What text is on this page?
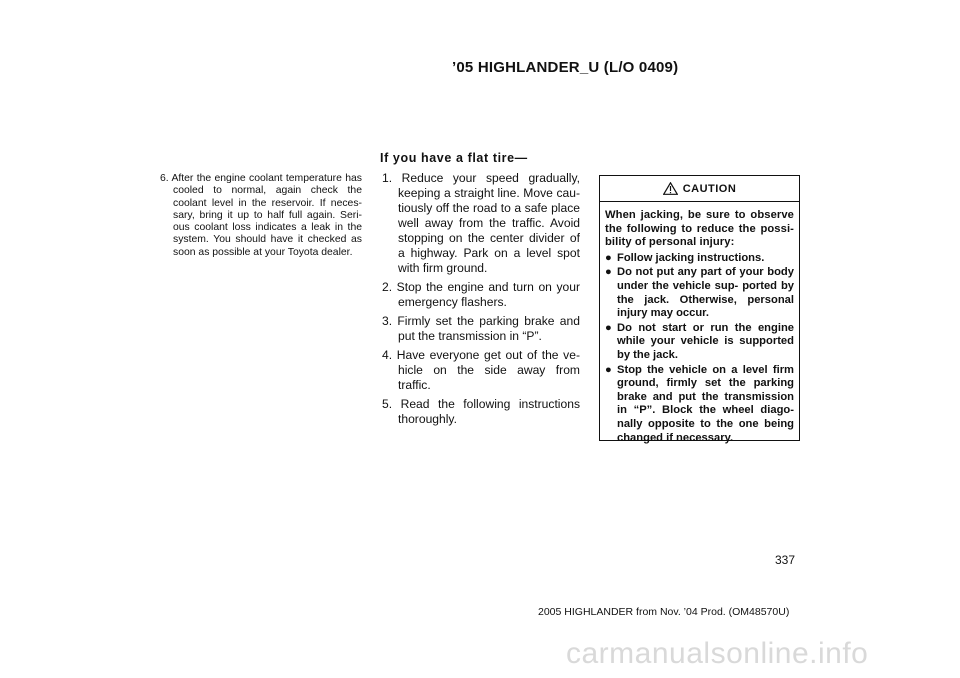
’05 HIGHLANDER_U (L/O 0409)

6. After the engine coolant temperature has cooled to normal, again check the coolant level in the reservoir. If neces- sary, bring it up to half full again. Seri- ous coolant loss indicates a leak in the system. You should have it checked as soon as possible at your Toyota dealer.

If you have a flat tire—
1. Reduce your speed gradually, keeping a straight line. Move cau- tiously off the road to a safe place well away from the traffic. Avoid stopping on the center divider of a highway. Park on a level spot with firm ground.
2. Stop the engine and turn on your emergency flashers.
3. Firmly set the parking brake and put the transmission in “P”.
4. Have everyone get out of the ve- hicle on the side away from traffic.
5. Read the following instructions thoroughly.
CAUTION

When jacking, be sure to observe the following to reduce the possi- bility of personal injury:

● Follow jacking instructions.
● Do not put any part of your body under the vehicle sup- ported by the jack. Otherwise, personal injury may occur.
● Do not start or run the engine while your vehicle is supported by the jack.
● Stop the vehicle on a level firm ground, firmly set the parking brake and put the transmission in “P”. Block the wheel diago- nally opposite to the one being changed if necessary.
337
2005 HIGHLANDER from Nov. ’04 Prod. (OM48570U)
carmanualsonline.info
